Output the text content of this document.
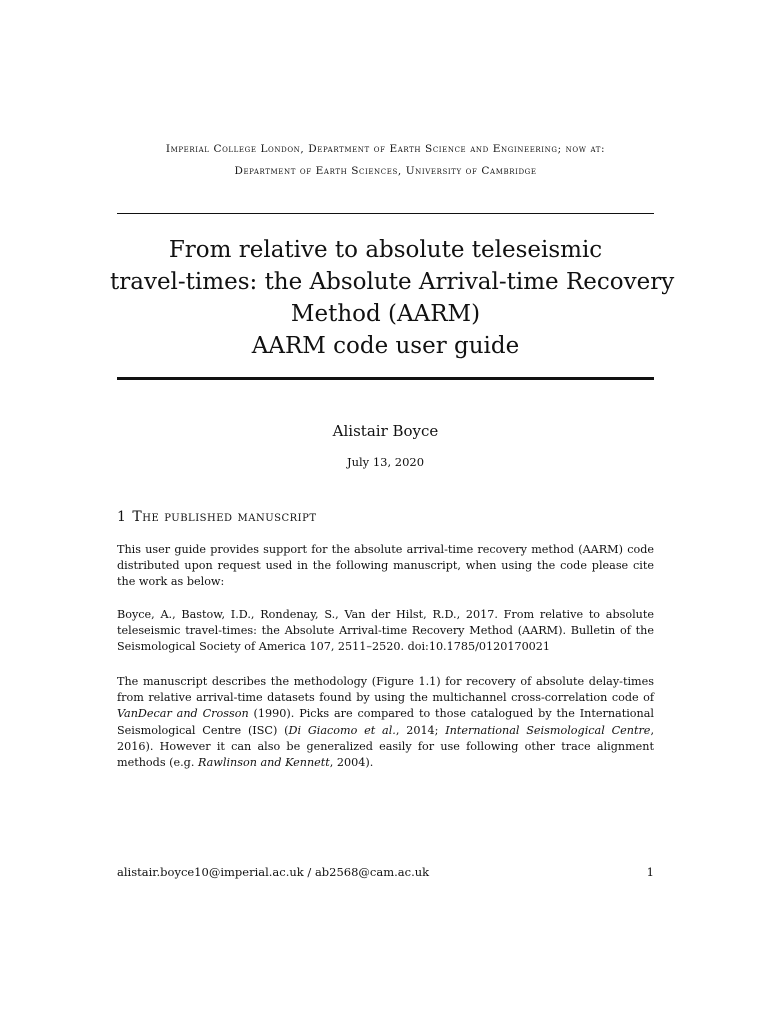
Imperial College London, Department of Earth Science and Engineering; now at:
Department of Earth Sciences, University of Cambridge
From relative to absolute teleseismic
travel-times: the Absolute Arrival-time Recovery
Method (AARM)
AARM code user guide
Alistair Boyce
July 13, 2020
1 The published manuscript

This user guide provides support for the absolute arrival-time recovery method (AARM) code distributed upon request used in the following manuscript, when using the code please cite the work as below:

Boyce, A., Bastow, I.D., Rondenay, S., Van der Hilst, R.D., 2017. From relative to absolute teleseismic travel-times: the Absolute Arrival-time Recovery Method (AARM). Bulletin of the Seismological Society of America 107, 2511–2520. doi:10.1785/0120170021

The manuscript describes the methodology (Figure 1.1) for recovery of absolute delay-times from relative arrival-time datasets found by using the multichannel cross-correlation code of VanDecar and Crosson (1990). Picks are compared to those catalogued by the International Seismological Centre (ISC) (Di Giacomo et al., 2014; International Seismological Centre, 2016). However it can also be generalized easily for use following other trace alignment methods (e.g. Rawlinson and Kennett, 2004).

alistair.boyce10@imperial.ac.uk / ab2568@cam.ac.uk	1
